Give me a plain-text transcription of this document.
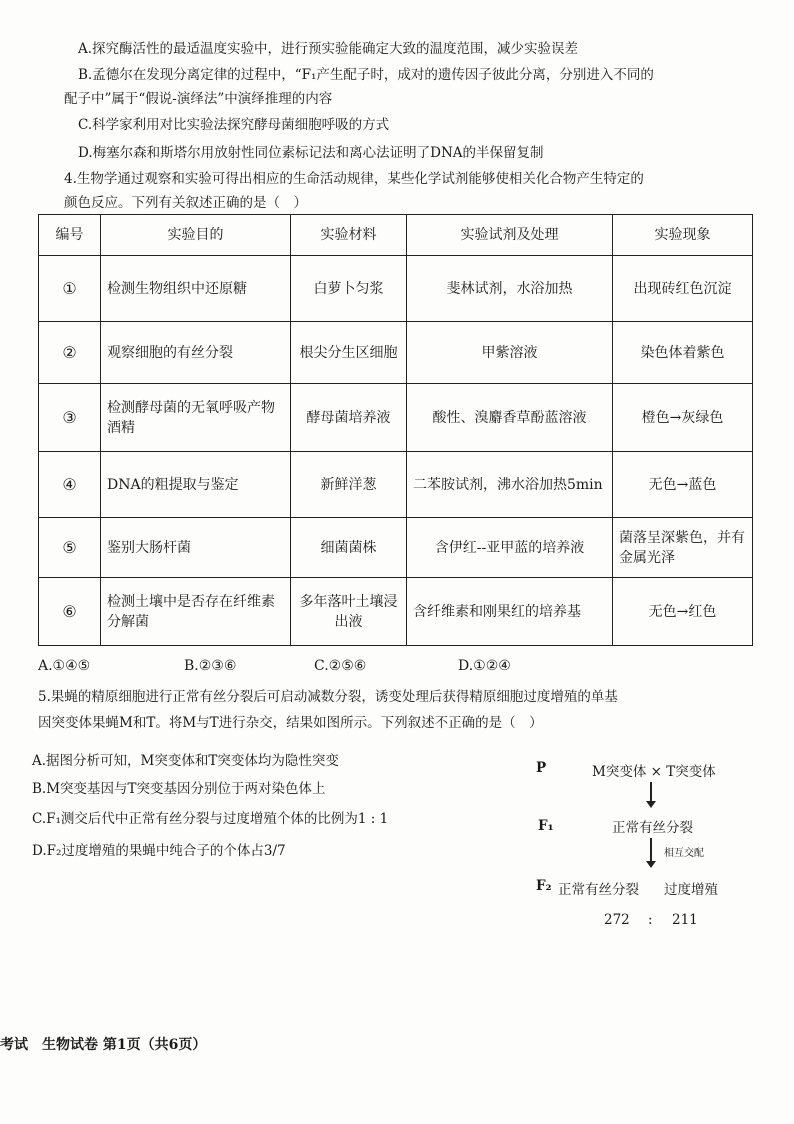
A.探究酶活性的最适温度实验中，进行预实验能确定大致的温度范围，减少实验误差
B.孟德尔在发现分离定律的过程中，“F₁产生配子时，成对的遗传因子彼此分离，分别进入不同的
配子中”属于“假说-演绎法”中演绎推理的内容
C.科学家利用对比实验法探究酵母菌细胞呼吸的方式
D.梅塞尔森和斯塔尔用放射性同位素标记法和离心法证明了DNA的半保留复制
4.生物学通过观察和实验可得出相应的生命活动规律，某些化学试剂能够使相关化合物产生特定的
颜色反应。下列有关叙述正确的是（　）
编号	实验目的	实验材料	实验试剂及处理	实验现象
①	检测生物组织中还原糖	白萝卜匀浆	斐林试剂，水浴加热	出现砖红色沉淀
②	观察细胞的有丝分裂	根尖分生区细胞	甲紫溶液	染色体着紫色
③	检测酵母菌的无氧呼吸产物酒精	酵母菌培养液	酸性、溴麝香草酚蓝溶液	橙色→灰绿色
④	DNA的粗提取与鉴定	新鲜洋葱	二苯胺试剂，沸水浴加热5min	无色→蓝色
⑤	鉴别大肠杆菌	细菌菌株	含伊红--亚甲蓝的培养液	菌落呈深紫色，并有金属光泽
⑥	检测土壤中是否存在纤维素分解菌	多年落叶土壤浸出液	含纤维素和刚果红的培养基	无色→红色
A.①④⑤	B.②③⑥	C.②⑤⑥	D.①②④
5.果蝇的精原细胞进行正常有丝分裂后可启动减数分裂，诱变处理后获得精原细胞过度增殖的单基
因突变体果蝇M和T。将M与T进行杂交，结果如图所示。下列叙述不正确的是（　）
A.据图分析可知，M突变体和T突变体均为隐性突变
B.M突变基因与T突变基因分别位于两对染色体上
C.F₁测交后代中正常有丝分裂与过度增殖个体的比例为1 : 1
D.F₂过度增殖的果蝇中纯合子的个体占3/7
P	M突变体 × T突变体
F₁	正常有丝分裂
相互交配
F₂ 正常有丝分裂 过度增殖
272 : 211
考试　生物试卷 第1页（共6页）
